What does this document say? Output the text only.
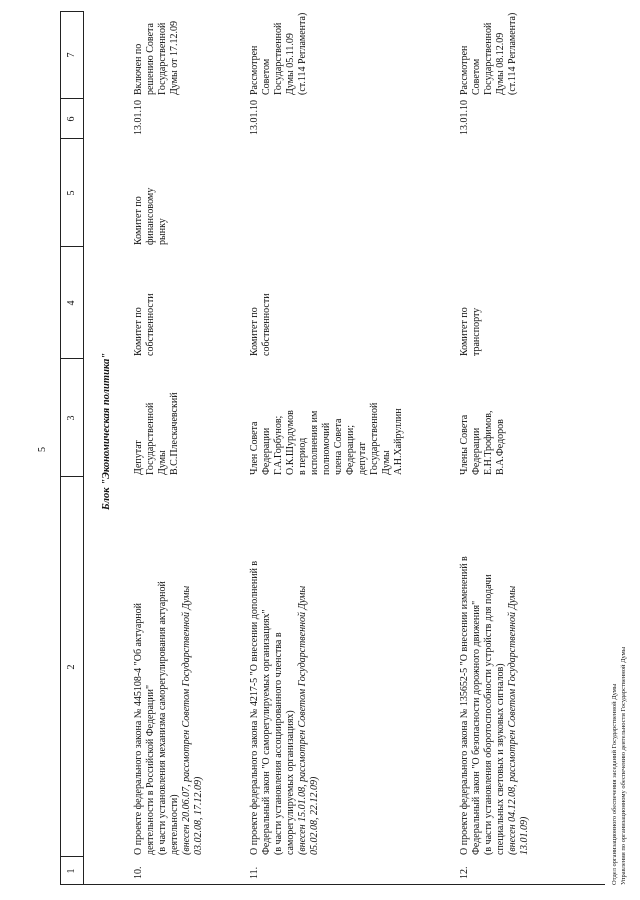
5
1
2
3
4
5
6
7
Блок "Экономическая политика"
10.
О проекте федерального закона № 445108-4 "Об актуарной деятельности в Российской Федерации"
(в части установления механизма саморегулирования актуарной деятельности)
(внесен 20.06.07, рассмотрен Советом Государственной Думы 03.02.08, 17.12.09)
Депутат
Государственной
Думы
В.С.Плескачевский
Комитет по
собственности
Комитет по
финансовому
рынку
13.01.10
Включен по
решению Совета
Государственной
Думы от 17.12.09
11.
О проекте федерального закона № 4217-5 "О внесении дополнений в Федеральный закон "О саморегулируемых организациях"
(в части установления ассоциированного членства в саморегулируемых организациях)
(внесен 15.01.08, рассмотрен Советом Государственной Думы 05.02.08, 22.12.09)
Член Совета
Федерации
Г.А.Горбунов;
О.К.Шурдумов
в период
исполнения им
полномочий
члена Совета
Федерации;
депутат
Государственной
Думы
А.Н.Хайруллин
Комитет по
собственности
13.01.10
Рассмотрен Советом
Государственной
Думы 05.11.09
(ст.114 Регламента)
12.
О проекте федерального закона № 135652-5 "О внесении изменений в Федеральный закон "О безопасности дорожного движения"
(в части установления оборотоспособности устройств для подачи специальных световых и звуковых сигналов)
(внесен 04.12.08, рассмотрен Советом Государственной Думы 13.01.09)
Члены Совета
Федерации
Е.Н.Трофимов,
В.А.Федоров
Комитет по
транспорту
13.01.10
Рассмотрен Советом
Государственной
Думы 08.12.09
(ст.114 Регламента)
Отдел организационного обеспечения заседаний Государственной Думы Управления по организационному обеспечению деятельности Государственной Думы
